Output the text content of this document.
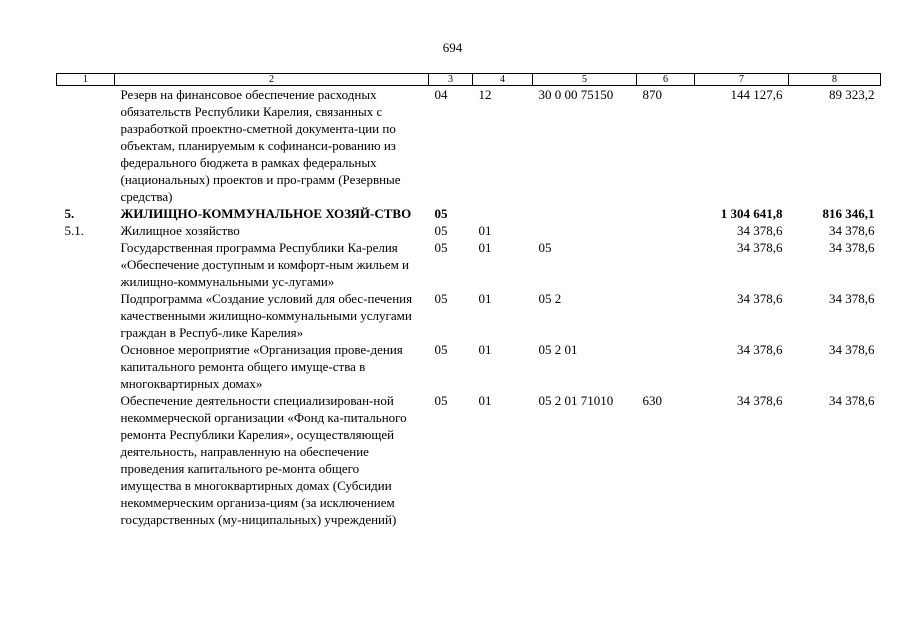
694
1	2	3	4	5	6	7	8
	Резерв на финансовое обеспечение расходных обязательств Республики Карелия, связанных с разработкой проектно-сметной документа-ции по объектам, планируемым к софинанси-рованию из федерального бюджета в рамках федеральных (национальных) проектов и про-грамм (Резервные средства)	04	12	30 0 00 75150	870	144 127,6	89 323,2
5.	ЖИЛИЩНО-КОММУНАЛЬНОЕ ХОЗЯЙ-СТВО	05				1 304 641,8	816 346,1
5.1.	Жилищное хозяйство	05	01			34 378,6	34 378,6
	Государственная программа Республики Ка-релия «Обеспечение доступным и комфорт-ным жильем и жилищно-коммунальными ус-лугами»	05	01	05		34 378,6	34 378,6
	Подпрограмма «Создание условий для обес-печения качественными жилищно-коммунальными услугами граждан в Респуб-лике Карелия»	05	01	05 2		34 378,6	34 378,6
	Основное мероприятие «Организация прове-дения капитального ремонта общего имуще-ства в многоквартирных домах»	05	01	05 2 01		34 378,6	34 378,6
	Обеспечение деятельности специализирован-ной некоммерческой организации «Фонд ка-питального ремонта Республики Карелия», осуществляющей деятельность, направленную на обеспечение проведения капитального ре-монта общего имущества в многоквартирных домах (Субсидии некоммерческим организа-циям (за исключением государственных (му-ниципальных) учреждений)	05	01	05 2 01 71010	630	34 378,6	34 378,6
